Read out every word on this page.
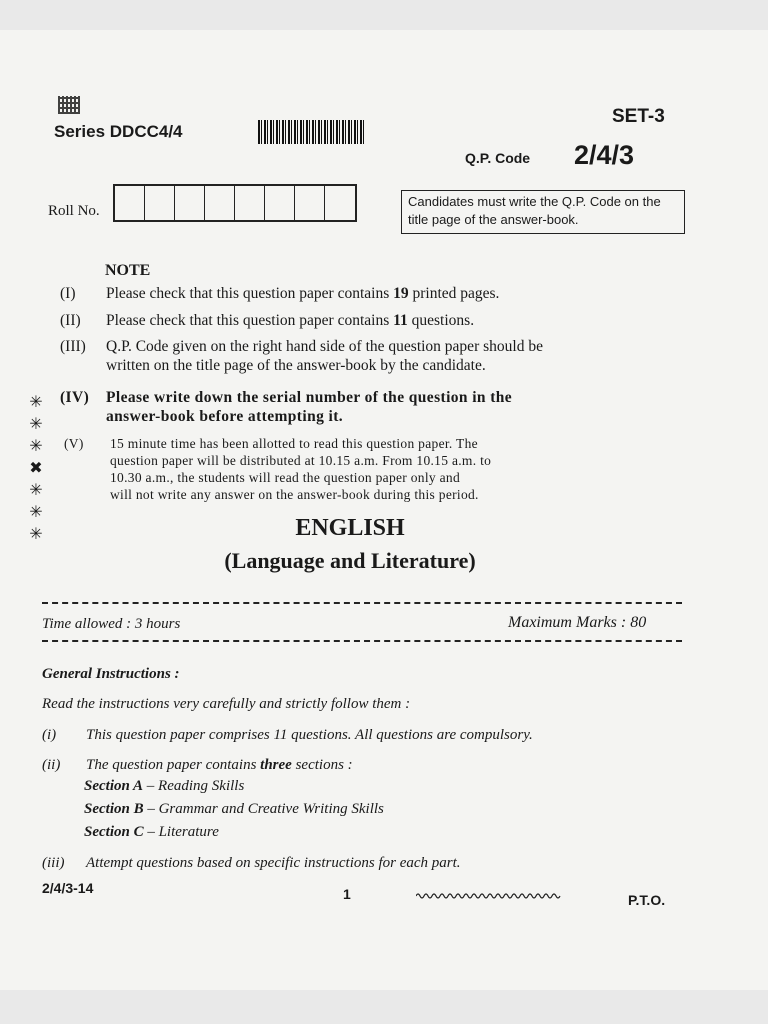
Series DDCC4/4
SET-3
Q.P. Code 2/4/3
Roll No.
Candidates must write the Q.P. Code on the title page of the answer-book.
NOTE
(I) Please check that this question paper contains 19 printed pages.
(II) Please check that this question paper contains 11 questions.
(III) Q.P. Code given on the right hand side of the question paper should be
written on the title page of the answer-book by the candidate.
(IV) Please write down the serial number of the question in the
answer-book before attempting it.
(V) 15 minute time has been allotted to read this question paper. The
question paper will be distributed at 10.15 a.m. From 10.15 a.m. to
10.30 a.m., the students will read the question paper only and
will not write any answer on the answer-book during this period.
✳
✳
✳
✖
✳
✳
✳	ENGLISH
(Language and Literature)
Time allowed : 3 hours	Maximum Marks : 80
General Instructions :
Read the instructions very carefully and strictly follow them :
(i) This question paper comprises 11 questions. All questions are compulsory.
(ii) The question paper contains three sections :
Section A – Reading Skills
Section B – Grammar and Creative Writing Skills
Section C – Literature
(iii) Attempt questions based on specific instructions for each part.
2/4/3-14	1	P.T.O.
